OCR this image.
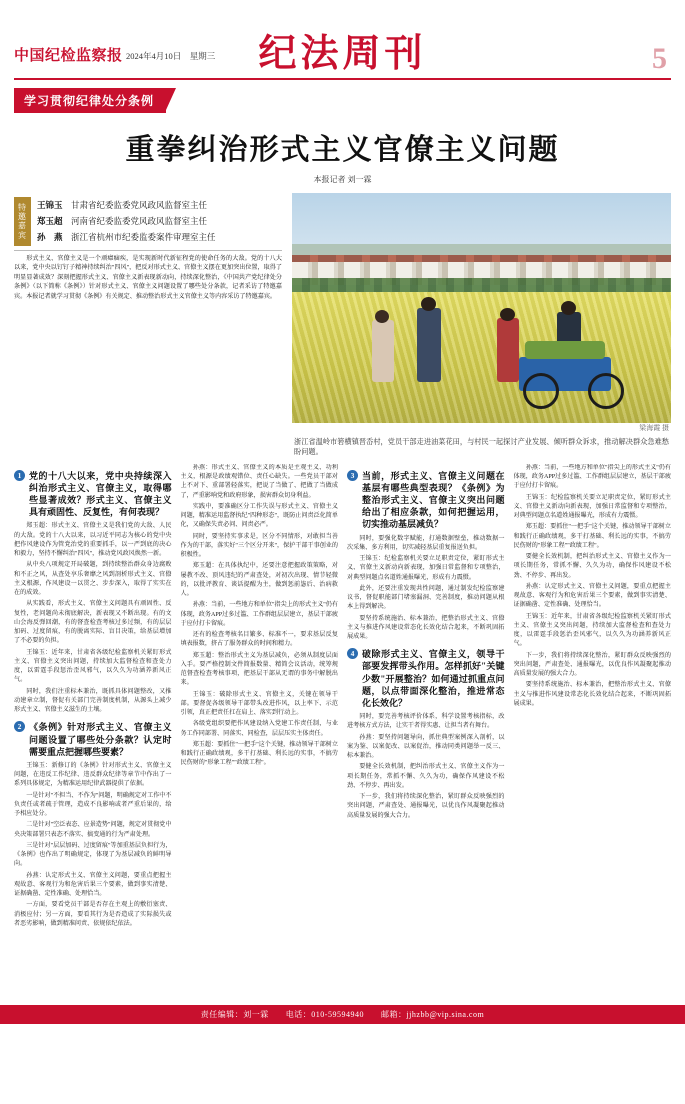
中国纪检监察报 2024年4月10日　星期三	纪法周刊	5
学习贯彻纪律处分条例
重拳纠治形式主义官僚主义问题
本报记者 刘一霖
特邀嘉宾
王锦玉 甘肃省纪委监委党风政风监督室主任
郑玉超 河南省纪委监委党风政风监督室主任
孙　燕 浙江省杭州市纪委监委案件审理室主任

形式主义、官僚主义是一个顽瘴痼疾，是实现新时代新征程党的使命任务的大敌。党的十八大以来，党中央以钉钉子精神持续纠治"四风"，把反对形式主义、官僚主义摆在更加突出位置，取得了明显显著成效？深刻把握形式主义、官僚主义新表现新动向，持续深化整治，《中国共产党纪律处分条例》（以下简称《条例》）针对形式主义、官僚主义问题设置了哪些处分条款，记者采访了特邀嘉宾。本报记者就学习贯彻《条例》有关规定、推动整治形式主义官僚主义等内容采访了特邀嘉宾。

梁海霞 摄
浙江省温岭市箬横镇晋岙村，党员干部走进油菜花田，与村民一起探讨产业发展、倾听群众诉求，推动解决群众急难愁盼问题。
1 党的十八大以来，党中央持续深入纠治形式主义、官僚主义，取得哪些显著成效？形式主义、官僚主义具有顽固性、反复性，有何表现？

郑玉超：形式主义、官僚主义是我们党的大敌、人民的大敌。党的十八大以来，以习近平同志为核心的党中央把作风建设作为管党治党的重要抓手，以一严到底的决心和毅力，坚持不懈纠治"四风"，推动党风政风焕然一新。

从中央八项规定开局破题，到持续整治群众身边腐败和不正之风，从查处享乐奢靡之风到剖析形式主义、官僚主义根源，作风建设一以贯之、步步深入，取得了实实在在的成效。

从实践看，形式主义、官僚主义问题具有顽固性、反复性，老问题尚未彻底解决，新表现又不断出现。有的文山会海反弹回潮，有的督查检查考核过多过频，有的层层加码、过度留痕，有的脱离实际、盲目决策，给基层增加了不必要的负担。

王锦玉：近年来，甘肃省各级纪检监察机关紧盯形式主义、官僚主义突出问题，持续加大监督检查和查处力度，以雷霆手段惩治歪风邪气，以久久为功涵养新风正气。

同时，我们注重标本兼治，既抓具体问题整改，又推动建章立制，督促有关部门完善制度机制，从源头上减少形式主义、官僚主义滋生的土壤。

2 《条例》针对形式主义、官僚主义问题设置了哪些处分条款？认定时需要重点把握哪些要素？

王锦玉：新修订的《条例》针对形式主义、官僚主义问题，在违反工作纪律、违反群众纪律等章节中作出了一系列具体规定，为精准运用纪律武器提供了依据。

一是针对"不担当、不作为"问题，明确规定对工作中不负责任或者疏于管理，造成不良影响或者严重后果的，给予相应处分。

二是针对"空泛表态、应景造势"问题，规定对贯彻党中央决策部署只表态不落实、搞变通的行为严肃处理。

三是针对"层层加码、过度留痕"等加重基层负担行为，《条例》也作出了明确规定，体现了为基层减负的鲜明导向。

孙燕：认定形式主义、官僚主义问题，要重点把握主观故意、客观行为和危害后果三个要素，做到事实清楚、证据确凿、定性准确、处理恰当。

一方面，要看党员干部是否存在主观上的敷衍塞责、消极应付；另一方面，要看其行为是否造成了实际损失或者恶劣影响，做到精准问责、依规依纪依法。

孙燕：形式主义、官僚主义的本质是主观主义、功利主义，根源是政绩观错位、责任心缺失。一些党员干部对上不对下、重部署轻落实，把说了当做了、把做了当做成了，严重影响党和政府形象，损害群众切身利益。

实践中，要准确区分工作失误与形式主义、官僚主义问题，精准运用监督执纪"四种形态"，既防止问责泛化简单化，又确保失责必问、问责必严。

同时，要坚持实事求是，区分不同情形，对敢担当善作为的干部，落实好"三个区分开来"，保护干部干事创业的积极性。

郑玉超：在具体执纪中，还要注意把握政策策略，对屡教不改、顶风违纪的严肃查处，对初次出现、情节轻微的，以批评教育、谈话提醒为主，做到惩前毖后、治病救人。

孙燕：当前，一些地方和单位"指尖上的形式主义"仍有体现，政务APP过多过滥、工作群组层层建立，基层干部疲于应付打卡留痕。

还有的检查考核名目繁多、标准不一，要求基层反复填表报数，挤占了服务群众的时间和精力。

郑玉超：整治形式主义为基层减负，必须从制度层面入手。要严格控制文件简报数量、精简会议活动，统筹规范督查检查考核事项，把基层干部从无谓的事务中解脱出来。

王锦玉：破除形式主义、官僚主义，关键在领导干部。要督促各级领导干部带头改进作风，以上率下、示范引领，真正把责任扛在肩上、落实到行动上。

各级党组织要把作风建设纳入党建工作责任制，与业务工作同部署、同落实、同检查，层层压实主体责任。

郑玉超：要抓住"一把手"这个关键，推动领导干部树立和践行正确政绩观，多干打基础、利长远的实事，不搞劳民伤财的"形象工程""政绩工程"。

3 当前，形式主义、官僚主义问题在基层有哪些典型表现？《条例》为整治形式主义、官僚主义突出问题给出了相应条款，如何把握运用，切实推动基层减负？

同时，要强化数字赋能，打通数据壁垒，推动数据一次采集、多方利用，切实减轻基层重复报送负担。

王锦玉：纪检监察机关要立足职责定位，紧盯形式主义、官僚主义新动向新表现，加强日常监督和专项整治，对典型问题点名道姓通报曝光，形成有力震慑。

此外，还要注重发现共性问题，通过制发纪检监察建议书，督促职能部门堵塞漏洞、完善制度，推动问题从根本上得到解决。

要坚持系统施治、标本兼治，把整治形式主义、官僚主义与推进作风建设常态化长效化结合起来，不断巩固拓展成果。

4 破除形式主义、官僚主义，领导干部要发挥带头作用。怎样抓好"关键少数"开展整治？如何通过抓重点问题，以点带面深化整治，推进常态化长效化？

同时，要完善考核评价体系，科学设置考核指标，改进考核方式方法，让实干者得实惠、让担当者有舞台。

孙燕：要坚持问题导向，抓住典型案例深入剖析，以案为鉴、以案促改、以案促治，推动同类问题举一反三、标本兼治。

要健全长效机制，把纠治形式主义、官僚主义作为一项长期任务，常抓不懈、久久为功，确保作风建设不松劲、不停步、再出发。

下一步，我们将持续深化整治，紧盯群众反映强烈的突出问题，严肃查处、通报曝光，以优良作风凝聚起推动高质量发展的强大合力。

孙燕：当前，一些地方和单位"指尖上的形式主义"仍有体现，政务APP过多过滥、工作群组层层建立，基层干部疲于应付打卡留痕。

王锦玉：纪检监察机关要立足职责定位，紧盯形式主义、官僚主义新动向新表现，加强日常监督和专项整治，对典型问题点名道姓通报曝光，形成有力震慑。

郑玉超：要抓住"一把手"这个关键，推动领导干部树立和践行正确政绩观，多干打基础、利长远的实事，不搞劳民伤财的"形象工程""政绩工程"。

要健全长效机制，把纠治形式主义、官僚主义作为一项长期任务，常抓不懈、久久为功，确保作风建设不松劲、不停步、再出发。

孙燕：认定形式主义、官僚主义问题，要重点把握主观故意、客观行为和危害后果三个要素，做到事实清楚、证据确凿、定性准确、处理恰当。

王锦玉：近年来，甘肃省各级纪检监察机关紧盯形式主义、官僚主义突出问题，持续加大监督检查和查处力度，以雷霆手段惩治歪风邪气，以久久为功涵养新风正气。

下一步，我们将持续深化整治，紧盯群众反映强烈的突出问题，严肃查处、通报曝光，以优良作风凝聚起推动高质量发展的强大合力。

要坚持系统施治、标本兼治，把整治形式主义、官僚主义与推进作风建设常态化长效化结合起来，不断巩固拓展成果。

责任编辑：刘一霖　　电话：010-59594940　　邮箱：jjhzbb@vip.sina.com
